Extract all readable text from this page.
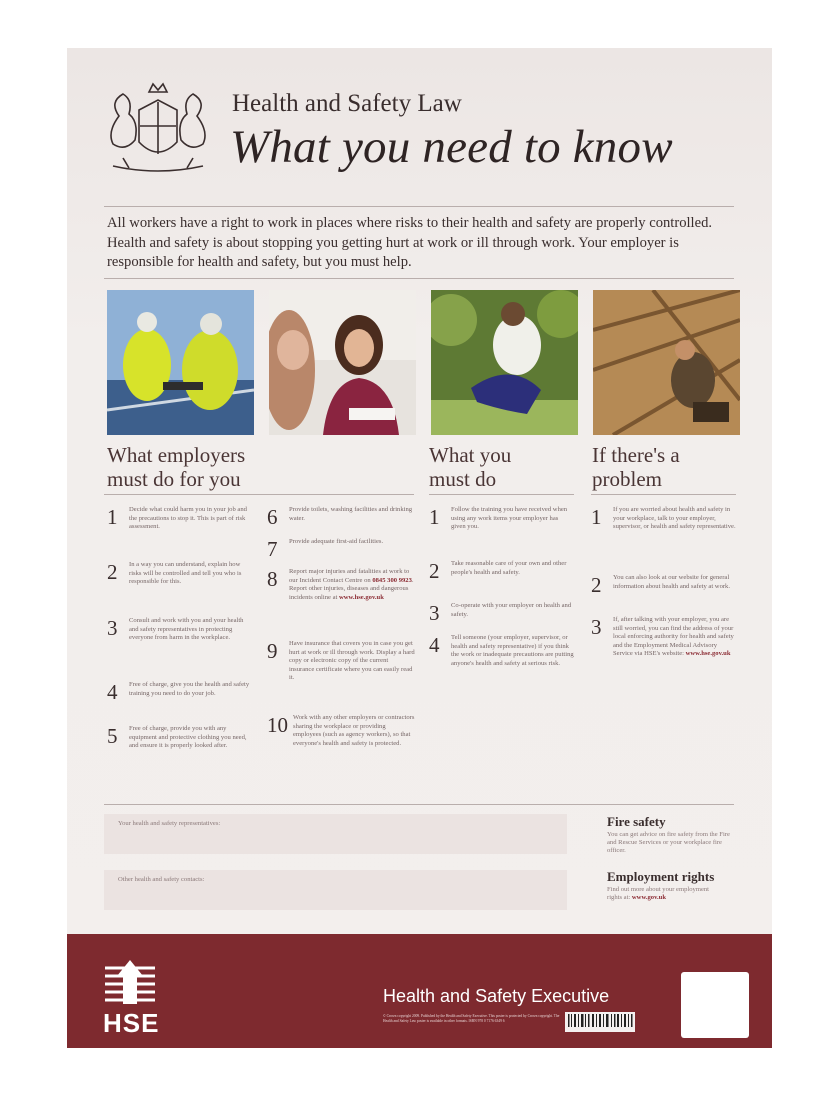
Health and Safety Law
What you need to know
All workers have a right to work in places where risks to their health and safety are properly controlled. Health and safety is about stopping you getting hurt at work or ill through work. Your employer is responsible for health and safety, but you must help.
What employers must do for you
What you must do
If there's a problem
1	Decide what could harm you in your job and the precautions to stop it. This is part of risk assessment.
2	In a way you can understand, explain how risks will be controlled and tell you who is responsible for this.
3	Consult and work with you and your health and safety representatives in protecting everyone from harm in the workplace.
4	Free of charge, give you the health and safety training you need to do your job.
5	Free of charge, provide you with any equipment and protective clothing you need, and ensure it is properly looked after.
6	Provide toilets, washing facilities and drinking water.
7	Provide adequate first-aid facilities.
8	Report major injuries and fatalities at work to our Incident Contact Centre on 0845 300 9923. Report other injuries, diseases and dangerous incidents online at www.hse.gov.uk
9	Have insurance that covers you in case you get hurt at work or ill through work. Display a hard copy or electronic copy of the current insurance certificate where you can easily read it.
10 Work with any other employers or contractors sharing the workplace or providing employees (such as agency workers), so that everyone's health and safety is protected.
1	Follow the training you have received when using any work items your employer has given you.
2	Take reasonable care of your own and other people's health and safety.
3	Co-operate with your employer on health and safety.
4	Tell someone (your employer, supervisor, or health and safety representative) if you think the work or inadequate precautions are putting anyone's health and safety at serious risk.
1	If you are worried about health and safety in your workplace, talk to your employer, supervisor, or health and safety representative.
2	You can also look at our website for general information about health and safety at work.
3	If, after talking with your employer, you are still worried, you can find the address of your local enforcing authority for health and safety and the Employment Medical Advisory Service via HSE's website: www.hse.gov.uk
Your health and safety representatives:
Other health and safety contacts:
Fire safety
You can get advice on fire safety from the Fire and Rescue Services or your workplace fire officer.
Employment rights
Find out more about your employment rights at: www.gov.uk
HSE
Health and Safety Executive
© Crown copyright 2009. Published by the Health and Safety Executive. This poster is protected by Crown copyright. The Health and Safety Law poster is available in other formats. ISBN 978 0 7176 6349 6
